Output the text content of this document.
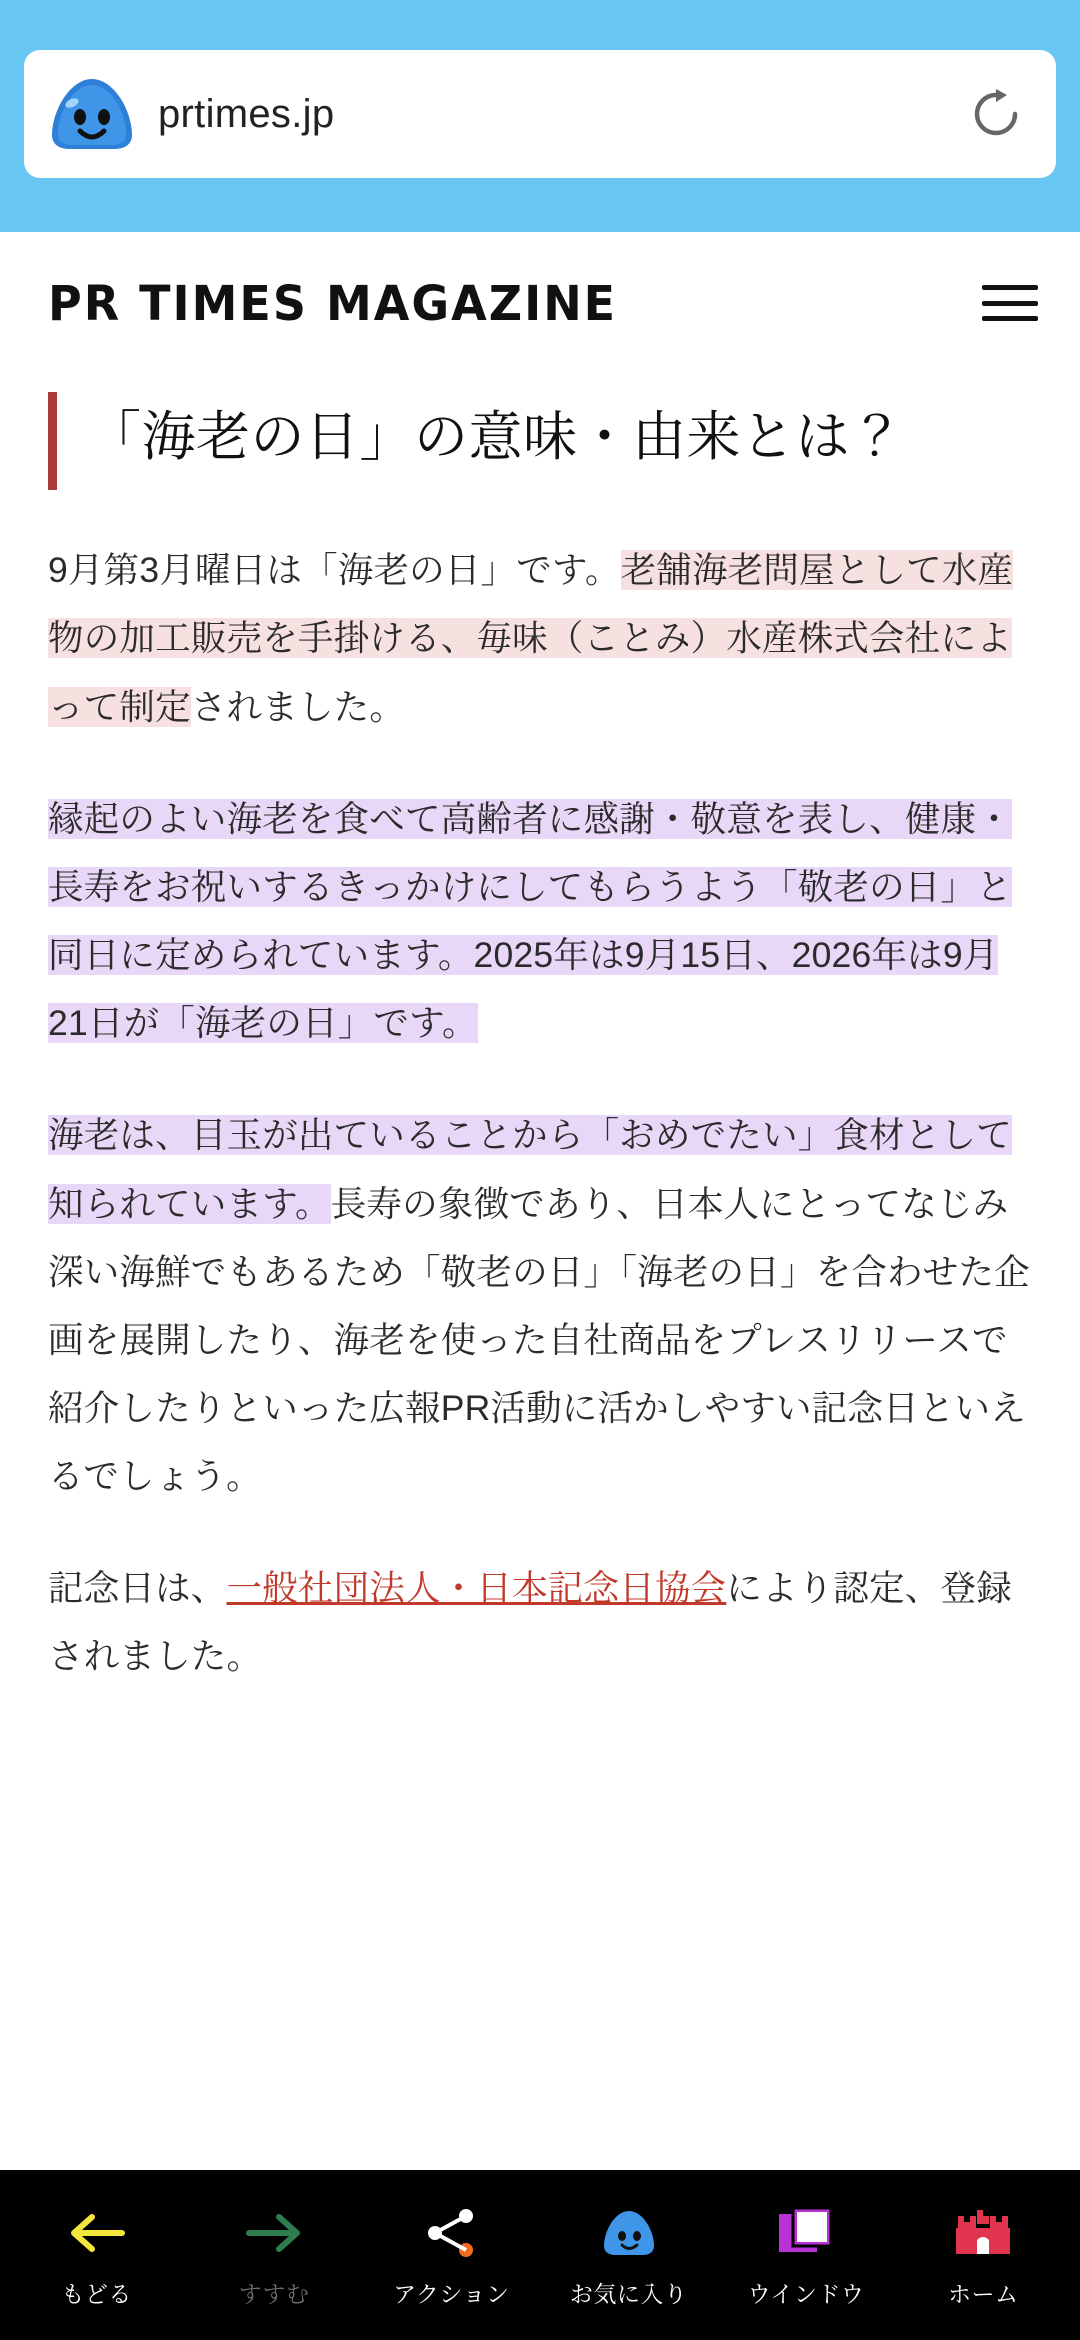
prtimes.jp
PR TIMES MAGAZINE
「海老の日」の意味・由来とは？

9月第3月曜日は「海老の日」です。老舗海老問屋として水産物の加工販売を手掛ける、毎味（ことみ）水産株式会社によって制定されました。

縁起のよい海老を食べて高齢者に感謝・敬意を表し、健康・長寿をお祝いするきっかけにしてもらうよう「敬老の日」と同日に定められています。2025年は9月15日、2026年は9月21日が「海老の日」です。

海老は、目玉が出ていることから「おめでたい」食材として知られています。長寿の象徴であり、日本人にとってなじみ深い海鮮でもあるため「敬老の日」「海老の日」を合わせた企画を展開したり、海老を使った自社商品をプレスリリースで紹介したりといった広報PR活動に活かしやすい記念日といえるでしょう。

記念日は、一般社団法人・日本記念日協会により認定、登録されました。

もどる	すすむ	アクション	お気に入り
1
ウインドウ	ホーム
